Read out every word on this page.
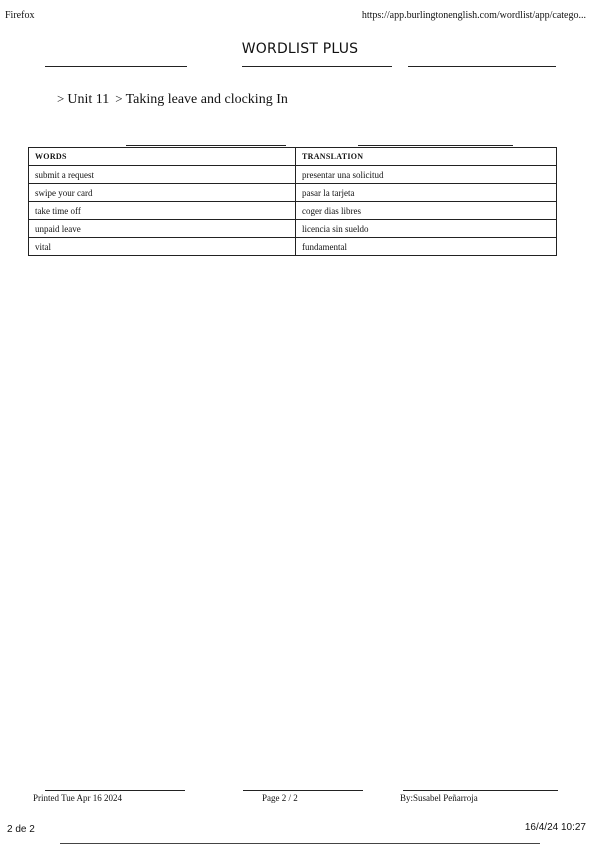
Firefox	https://app.burlingtonenglish.com/wordlist/app/catego...
WORDLIST PLUS
> Unit 11 > Taking leave and clocking In
WORDS	TRANSLATION
submit a request	presentar una solicitud
swipe your card	pasar la tarjeta
take time off	coger dias libres
unpaid leave	licencia sin sueldo
vital	fundamental
Printed Tue Apr 16 2024	Page 2 / 2	By:Susabel Peñarroja
2 de 2	16/4/24 10:27
